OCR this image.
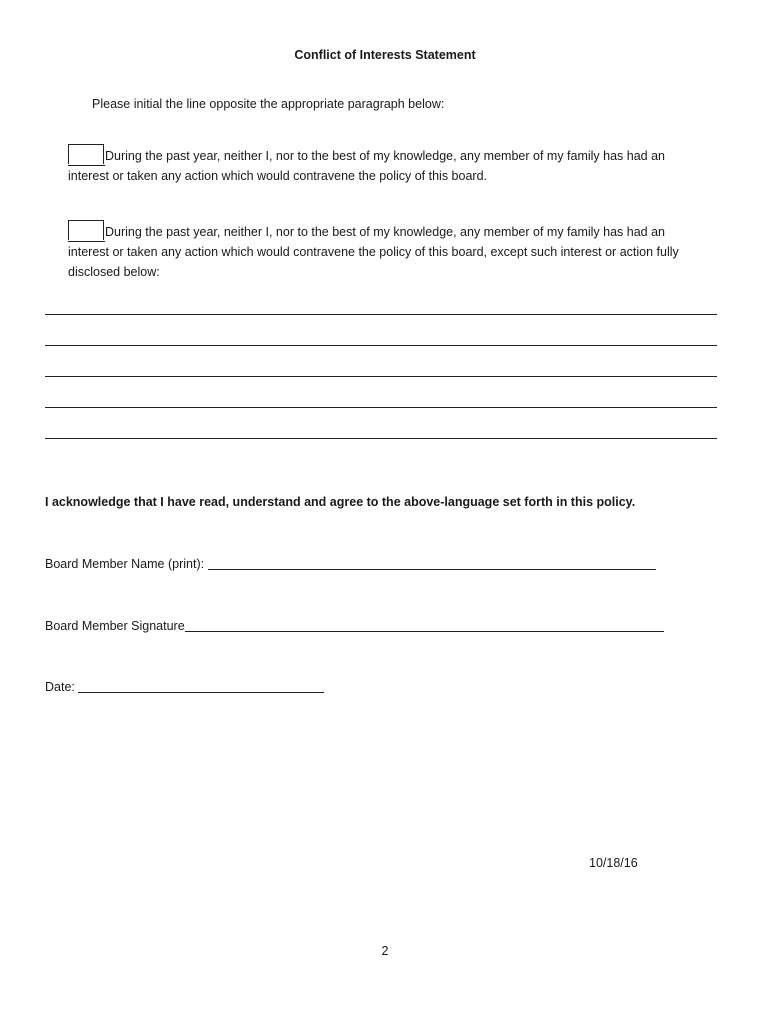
Conflict of Interests Statement
Please initial the line opposite the appropriate paragraph below:
During the past year, neither I, nor to the best of my knowledge, any member of my family has had an interest or taken any action which would contravene the policy of this board.
During the past year, neither I, nor to the best of my knowledge, any member of my family has had an interest or taken any action which would contravene the policy of this board, except such interest or action fully disclosed below:
I acknowledge that I have read, understand and agree to the above-language set forth in this policy.
Board Member Name (print):
Board Member Signature
Date:
10/18/16
2
